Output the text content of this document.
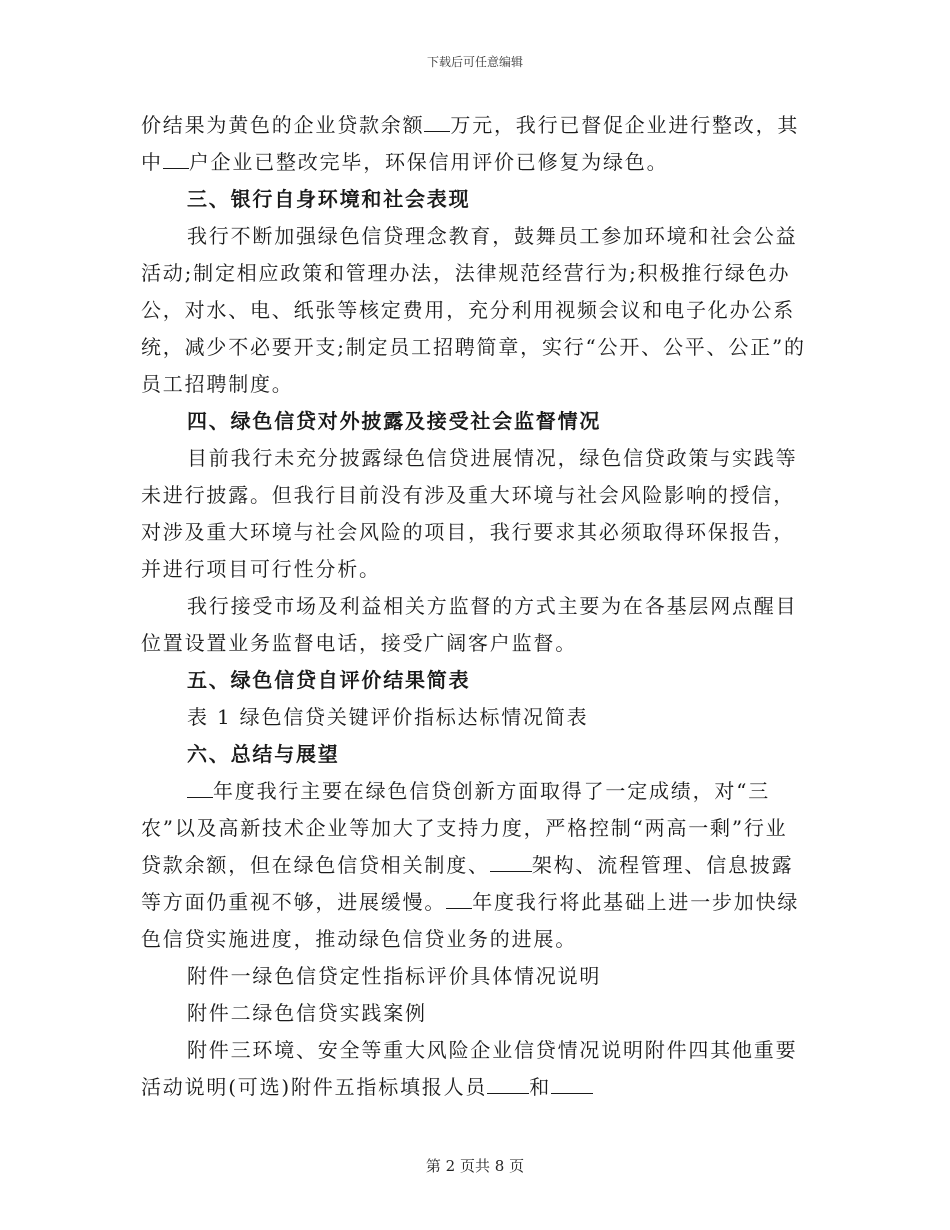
下载后可任意编辑

价结果为黄色的企业贷款余额 万元，我行已督促企业进行整改，其中 户企业已整改完毕，环保信用评价已修复为绿色。

三、银行自身环境和社会表现

我行不断加强绿色信贷理念教育，鼓舞员工参加环境和社会公益活动;制定相应政策和管理办法，法律规范经营行为;积极推行绿色办公，对水、电、纸张等核定费用，充分利用视频会议和电子化办公系统，减少不必要开支;制定员工招聘简章，实行“公开、公平、公正”的员工招聘制度。

四、绿色信贷对外披露及接受社会监督情况

目前我行未充分披露绿色信贷进展情况，绿色信贷政策与实践等未进行披露。但我行目前没有涉及重大环境与社会风险影响的授信，对涉及重大环境与社会风险的项目，我行要求其必须取得环保报告，并进行项目可行性分析。

我行接受市场及利益相关方监督的方式主要为在各基层网点醒目位置设置业务监督电话，接受广阔客户监督。

五、绿色信贷自评价结果简表

表 1 绿色信贷关键评价指标达标情况简表

六、总结与展望

年度我行主要在绿色信贷创新方面取得了一定成绩，对“三农”以及高新技术企业等加大了支持力度，严格控制“两高一剩”行业贷款余额，但在绿色信贷相关制度、 架构、流程管理、信息披露等方面仍重视不够，进展缓慢。 年度我行将此基础上进一步加快绿色信贷实施进度，推动绿色信贷业务的进展。

附件一绿色信贷定性指标评价具体情况说明

附件二绿色信贷实践案例

附件三环境、安全等重大风险企业信贷情况说明附件四其他重要活动说明(可选)附件五指标填报人员 和

第 2 页共 8 页
